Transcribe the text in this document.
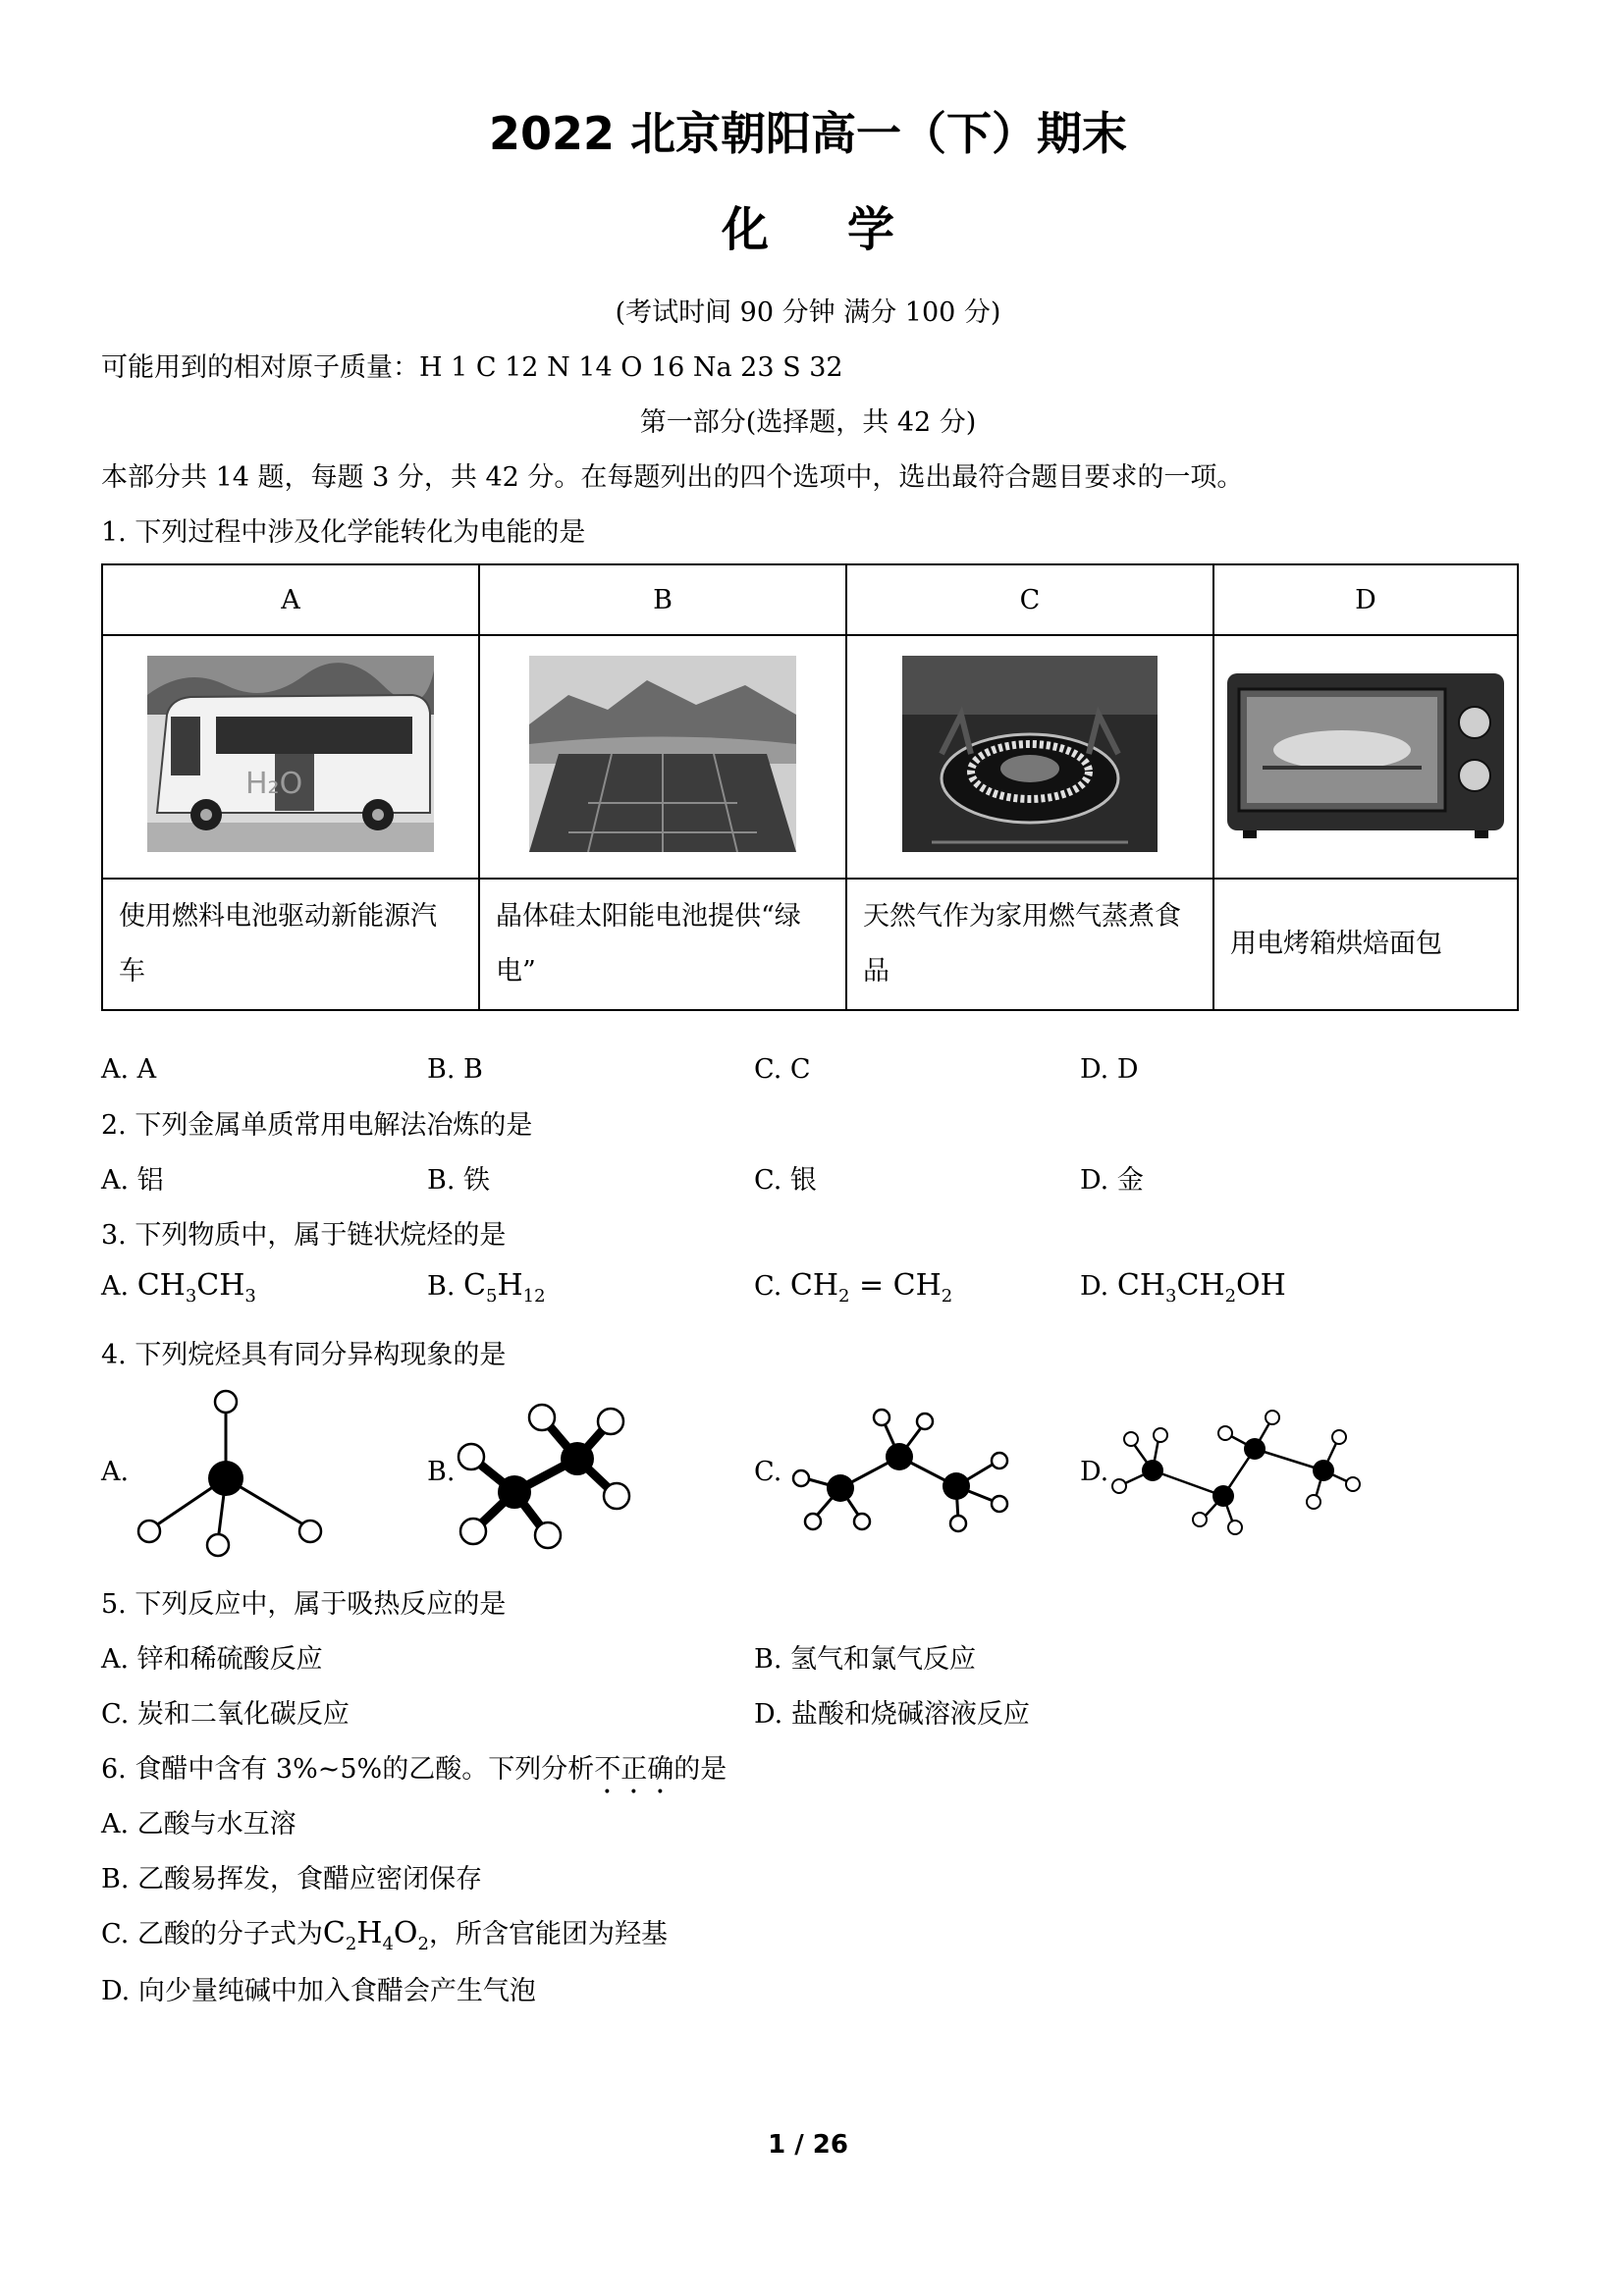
2022 北京朝阳高一（下）期末
化学
(考试时间 90 分钟 满分 100 分)
可能用到的相对原子质量：H 1 C 12 N 14 O 16 Na 23 S 32
第一部分(选择题，共 42 分)
本部分共 14 题，每题 3 分，共 42 分。在每题列出的四个选项中，选出最符合题目要求的一项。
1. 下列过程中涉及化学能转化为电能的是
A	B	C	D

H₂O

使用燃料电池驱动新能源汽车	晶体硅太阳能电池提供“绿电”	天然气作为家用燃气蒸煮食品	用电烤箱烘焙面包
A. A	B. B	C. C	D. D
2. 下列金属单质常用电解法冶炼的是
A. 铝	B. 铁	C. 银	D. 金
3. 下列物质中，属于链状烷烃的是
A. $CH_3CH_3$	B. $C_5H_{12}$	C. $CH_2 = CH_2$	D. $CH_3CH_2OH$
4. 下列烷烃具有同分异构现象的是
A.	B.	C.	D.
5. 下列反应中，属于吸热反应的是
A. 锌和稀硫酸反应	B. 氢气和氯气反应
C. 炭和二氧化碳反应	D. 盐酸和烧碱溶液反应
6. 食醋中含有 3%~5%的乙酸。下列分析不正确的是
A. 乙酸与水互溶
B. 乙酸易挥发，食醋应密闭保存
C. 乙酸的分子式为$C_2H_4O_2$，所含官能团为羟基
D. 向少量纯碱中加入食醋会产生气泡
1 / 26
